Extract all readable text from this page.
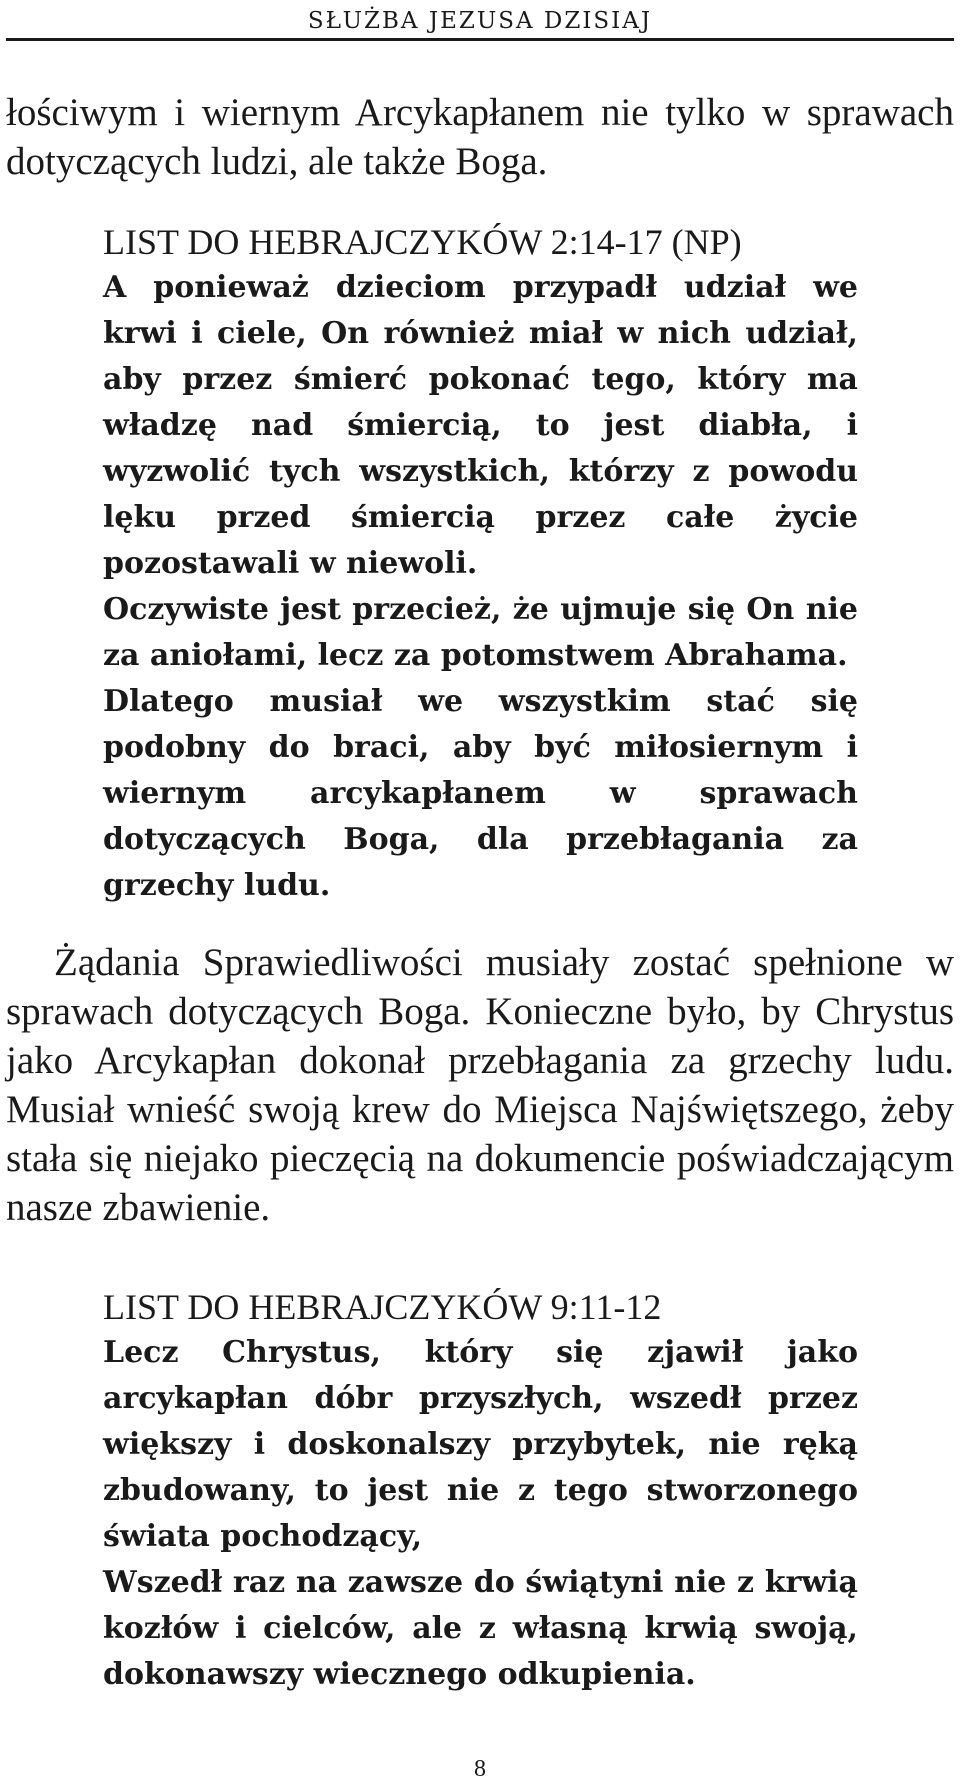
SŁUŻBA JEZUSA DZISIAJ

łościwym i wiernym Arcykapłanem nie tylko w sprawach dotyczących ludzi, ale także Boga.

LIST DO HEBRAJCZYKÓW 2:14-17 (NP)

A ponieważ dzieciom przypadł udział we krwi i ciele, On również miał w nich udział, aby przez śmierć pokonać tego, który ma władzę nad śmiercią, to jest diabła, i wyzwolić tych wszystkich, którzy z powodu lęku przed śmiercią przez całe życie pozostawali w niewoli.

Oczywiste jest przecież, że ujmuje się On nie za aniołami, lecz za potomstwem Abrahama.

Dlatego musiał we wszystkim stać się podobny do braci, aby być miłosiernym i wiernym arcykapłanem w sprawach dotyczących Boga, dla przebłagania za grzechy ludu.

Żądania Sprawiedliwości musiały zostać spełnione w sprawach dotyczących Boga. Konieczne było, by Chrystus jako Arcykapłan dokonał przebłagania za grzechy ludu. Musiał wnieść swoją krew do Miejsca Najświętszego, żeby stała się niejako pieczęcią na dokumencie poświadczającym nasze zbawienie.

LIST DO HEBRAJCZYKÓW 9:11-12

Lecz Chrystus, który się zjawił jako arcykapłan dóbr przyszłych, wszedł przez większy i doskonalszy przybytek, nie ręką zbudowany, to jest nie z tego stworzonego świata pochodzący,

Wszedł raz na zawsze do świątyni nie z krwią kozłów i cielców, ale z własną krwią swoją, dokonawszy wiecznego odkupienia.

8
